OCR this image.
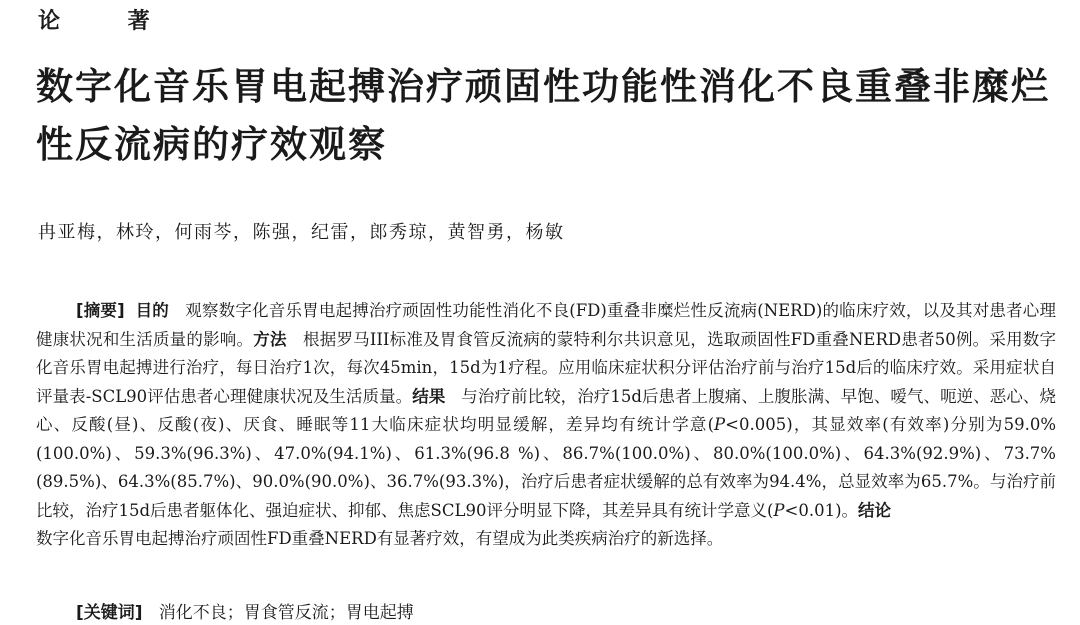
论 著
数字化音乐胃电起搏治疗顽固性功能性消化不良重叠非糜烂性反流病的疗效观察
冉亚梅，林玲，何雨芩，陈强，纪雷，郎秀琼，黄智勇，杨敏

[摘要] 目的 观察数字化音乐胃电起搏治疗顽固性功能性消化不良(FD)重叠非糜烂性反流病(NERD)的临床疗效，以及其对患者心理健康状况和生活质量的影响。方法 根据罗马III标准及胃食管反流病的蒙特利尔共识意见，选取顽固性FD重叠NERD患者50例。采用数字化音乐胃电起搏进行治疗，每日治疗1次，每次45min，15d为1疗程。应用临床症状积分评估治疗前与治疗15d后的临床疗效。采用症状自评量表-SCL90评估患者心理健康状况及生活质量。结果 与治疗前比较，治疗15d后患者上腹痛、上腹胀满、早饱、嗳气、呃逆、恶心、烧心、反酸(昼)、反酸(夜)、厌食、睡眠等11大临床症状均明显缓解，差异均有统计学意(P<0.005)，其显效率(有效率)分别为59.0%(100.0%)、59.3%(96.3%)、47.0%(94.1%)、61.3%(96.8 %)、86.7%(100.0%)、80.0%(100.0%)、64.3%(92.9%)、73.7%(89.5%)、64.3%(85.7%)、90.0%(90.0%)、36.7%(93.3%)，治疗后患者症状缓解的总有效率为94.4%，总显效率为65.7%。与治疗前比较，治疗15d后患者躯体化、强迫症状、抑郁、焦虑SCL90评分明显下降，其差异具有统计学意义(P<0.01)。结论
数字化音乐胃电起搏治疗顽固性FD重叠NERD有显著疗效，有望成为此类疾病治疗的新选择。

[关键词] 消化不良；胃食管反流；胃电起搏
